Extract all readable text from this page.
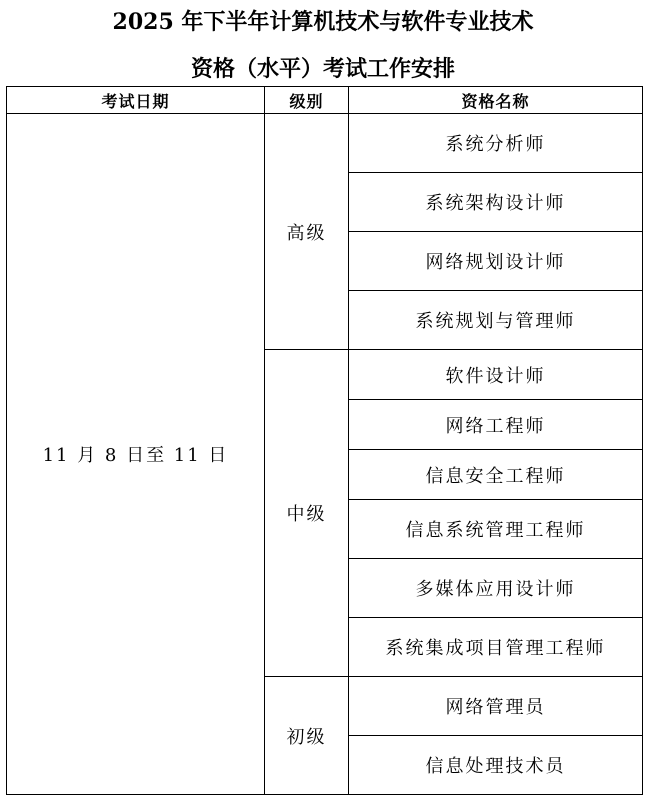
2025 年下半年计算机技术与软件专业技术
资格（水平）考试工作安排
考试日期	级别	资格名称
11 月 8 日至 11 日	高级	系统分析师
		系统架构设计师
		网络规划设计师
		系统规划与管理师
	中级	软件设计师
		网络工程师
		信息安全工程师
		信息系统管理工程师
		多媒体应用设计师
		系统集成项目管理工程师
	初级	网络管理员
		信息处理技术员
